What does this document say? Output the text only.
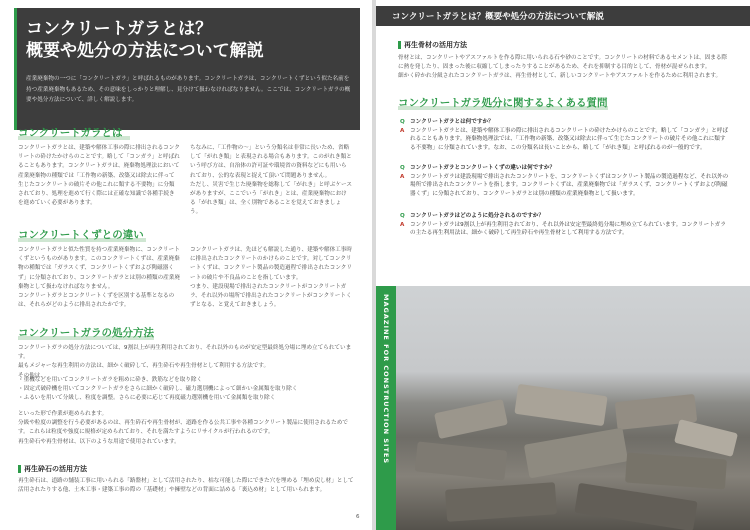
コンクリートガラとは？
概要や処分の方法について解説

産業廃棄物の一つに「コンクリートガラ」と呼ばれるものがあります。コンクリートガラは、コンクリートくずという似た名前を持つ産業廃棄物もあるため、その意味をしっかりと理解し、見分けて扱わなければなりません。ここでは、コンクリートガラの概要や処分方法について、詳しく解説します。

コンクリートガラとは
コンクリートガラとは、建築や解体工事の際に排出されるコンクリートの砕けたかけらのことです。略して「コンガラ」と呼ばれることもあります。コンクリートガラは、廃棄物処理法において産業廃棄物の種類では「工作物の新築、改築又は除去に伴って生じたコンクリートの破片その他これに類する不要物」に分類されており、処理を進めて行く際には正確な知識で各種手続きを進めていく必要があります。
ちなみに、「工作物の～」という分類名は非常に長いため、省略して「がれき類」と表現される場合もあります。このがれき類という呼び方は、自治体の許可証や環境省の資料などにも用いられており、公的な表現と捉えて頂いて問題ありません。
ただし、災害で生じた廃棄物を総称して「がれき」と呼ぶケースがありますが、ここでいう「がれき」とは、産業廃棄物における「がれき類」は、全く別物であることを覚えておきましょう。
コンクリートくずとの違い
コンクリートガラと似た性質を持つ産業廃棄物に、コンクリートくずというものがあります。このコンクリートくずは、産業廃棄物の種類では「ガラスくず、コンクリートくずおよび陶磁器くず」に分類されており、コンクリートガラとは別の種類の産業廃棄物として扱わなければなりません。
コンクリートガラとコンクリートくずを区別する基準となるのは、それらがどのように排出されたかです。
コンクリートガラは、先ほども解説した通り、建築や解体工事時に排出されたコンクリートのかけらのことです。対してコンクリートくずは、コンクリート製品の製造過程で排出されたコンクリートの破片や不良品のことを指しています。
つまり、建設現場で排出されたコンクリートがコンクリートガラ、それ以外の場所で排出されたコンクリートがコンクリートくずとなる、と覚えておきましょう。
コンクリートガラの処分方法
コンクリートガラの処分方法については、9割以上が再生利用されており、それ以外のものが安定型最終処分場に埋め立てられています。
最もメジャーな再生利用の方法は、細かく破砕して、再生砕石や再生骨材として利用する方法です。
その他は、
・重機などを用いてコンクリートガラを粗めに砕き、鉄筋などを取り除く
・固定式破砕機を用いてコンクリートガラをさらに細かく破砕し、磁力選別機によって細かい金属類を取り除く
・ふるいを用いて分級し、粒度を調整。さらに必要に応じて再度磁力選別機を用いて金属類を取り除く
といった形で作業が進められます。
分級や粒度の調整を行う必要があるのは、再生砕石や再生骨材が、道路を作る公共工事や各種コンクリート製品に使用されるためです。これらは粒度や強度に規格が定められており、それを満たすようにリサイクルが行われるのです。
再生砕石や再生骨材は、以下のような用途で使用されています。
再生砕石の活用方法
再生砕石は、道路の舗装工事に用いられる「路盤材」として活用されたり、枯な可能した際にできた穴を埋める「埋め戻し材」として活用されたりする他、土木工事・建築工事の際の「基礎材」や擁壁などの背面に詰める「裏込め材」として用いられます。
6
コンクリートガラとは？概要や処分の方法について解説
再生骨材の活用方法
骨材とは、コンクリートやアスファルトを作る際に用いられる石や砂のことです。コンクリートの材料であるセメントは、固まる際に熱を発したり、固まった後に収縮してしまったりすることがあるため、それを抑制する目的として、骨材が混ぜられます。
細かく砕かれ分級されたコンクリートガラは、再生骨材として、新しいコンクリートやアスファルトを作るために利用されます。
コンクリートガラ処分に関するよくある質問
Q コンクリートガラとは何ですか？
A	コンクリートガラとは、建築や解体工事の際に排出されるコンクリートの砕けたかけらのことです。略して「コンガラ」と呼ばれることもあります。廃棄物処理法では、「工作物の新築、改築又は除去に伴って生じたコンクリートの破片その他これに類する不要物」に分類されています。なお、この分類名は長いことから、略して「がれき類」と呼ばれるのが一般的です。
Q コンクリートガラとコンクリートくずの違いは何ですか？
A	コンクリートガラは建設現場で排出されたコンクリートを、コンクリートくずはコンクリート製品の製造過程など、それ以外の場所で排出されたコンクリートを指します。コンクリートくずは、産業廃棄物では「ガラスくず、コンクリートくずおよび陶磁器くず」に分類されており、コンクリートガラとは別の種類の産業廃棄物として扱います。
Q コンクリートガラはどのように処分されるのですか？
A	コンクリートガラは9割以上が再生利用されており、それ以外は安定型最終処分場に埋め立てられています。コンクリートガラの主たる再生利用法は、細かく破砕して再生砕石や再生骨材として利用する方法です。
MAGAZINE FOR CONSTRUCTION SITES
